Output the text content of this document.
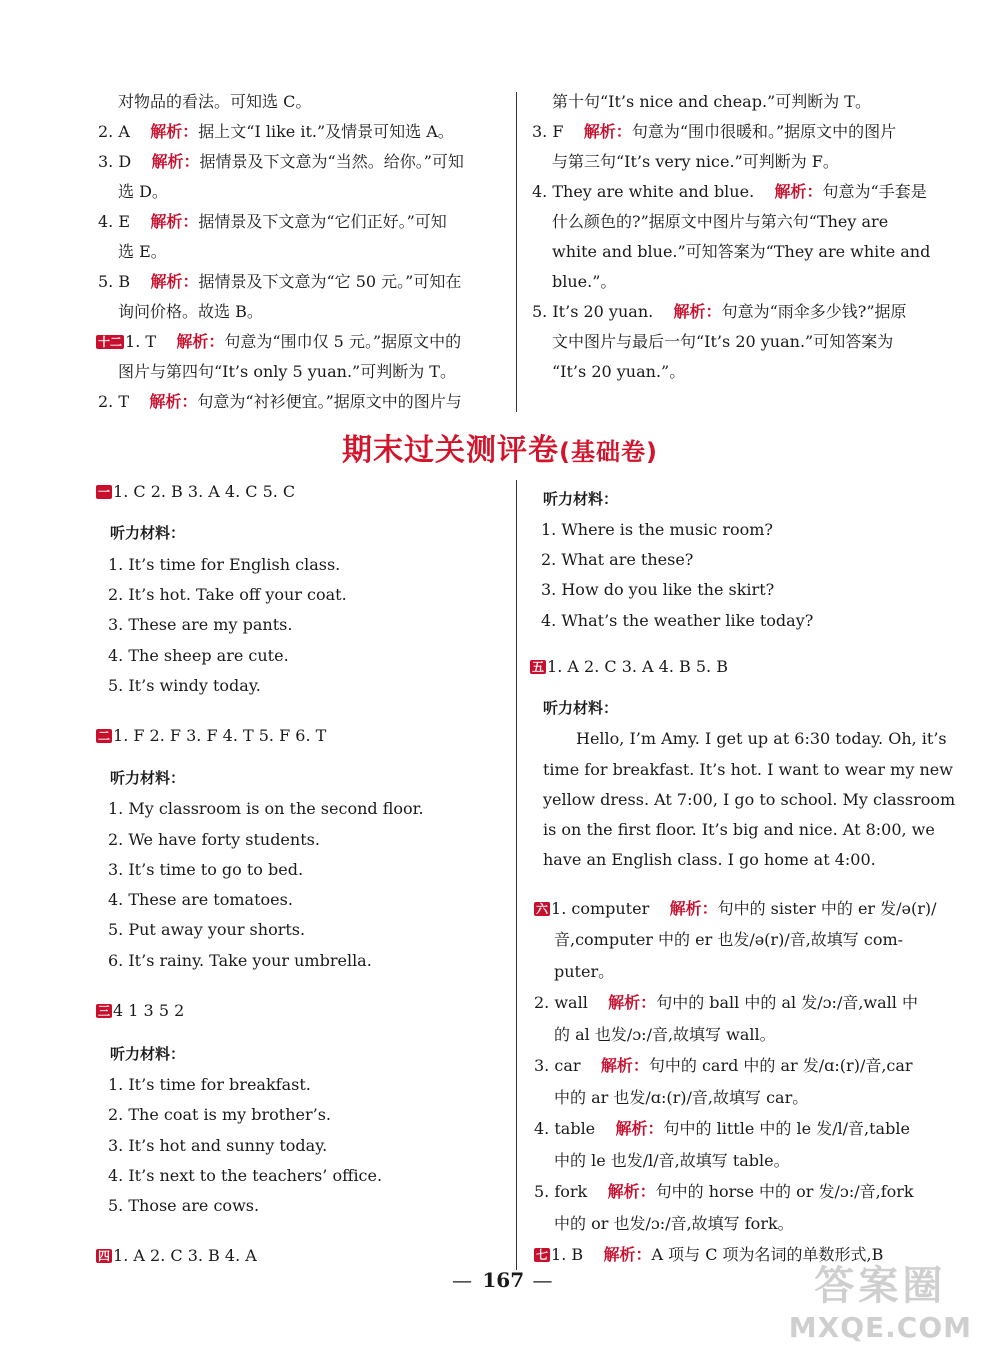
对物品的看法。可知选 C。
2. A 解析：据上文“I like it.”及情景可知选 A。
3. D 解析：据情景及下文意为“当然。给你。”可知
选 D。
4. E 解析：据情景及下文意为“它们正好。”可知
选 E。
5. B 解析：据情景及下文意为“它 50 元。”可知在
询问价格。故选 B。
十二 1. T 解析：句意为“围巾仅 5 元。”据原文中的
图片与第四句“It’s only 5 yuan.”可判断为 T。
2. T 解析：句意为“衬衫便宜。”据原文中的图片与
第十句“It’s nice and cheap.”可判断为 T。
3. F 解析：句意为“围巾很暖和。”据原文中的图片
与第三句“It’s very nice.”可判断为 F。
4. They are white and blue. 解析：句意为“手套是
什么颜色的?”据原文中图片与第六句“They are
white and blue.”可知答案为“They are white and
blue.”。
5. It’s 20 yuan. 解析：句意为“雨伞多少钱?”据原
文中图片与最后一句“It’s 20 yuan.”可知答案为
“It’s 20 yuan.”。
期末过关测评卷(基础卷)
一 1. C 2. B 3. A 4. C 5. C
听力材料：
1. It’s time for English class.
2. It’s hot. Take off your coat.
3. These are my pants.
4. The sheep are cute.
5. It’s windy today.
二 1. F 2. F 3. F 4. T 5. F 6. T
听力材料：
1. My classroom is on the second floor.
2. We have forty students.
3. It’s time to go to bed.
4. These are tomatoes.
5. Put away your shorts.
6. It’s rainy. Take your umbrella.
三 4 1 3 5 2
听力材料：
1. It’s time for breakfast.
2. The coat is my brother’s.
3. It’s hot and sunny today.
4. It’s next to the teachers’ office.
5. Those are cows.
四 1. A 2. C 3. B 4. A
听力材料：
1. Where is the music room?
2. What are these?
3. How do you like the skirt?
4. What’s the weather like today?
五 1. A 2. C 3. A 4. B 5. B
听力材料：
Hello, I’m Amy. I get up at 6:30 today. Oh, it’s
time for breakfast. It’s hot. I want to wear my new
yellow dress. At 7:00, I go to school. My classroom
is on the first floor. It’s big and nice. At 8:00, we
have an English class. I go home at 4:00.
六 1. computer 解析：句中的 sister 中的 er 发/ə(r)/
音,computer 中的 er 也发/ə(r)/音,故填写 com-
puter。
2. wall 解析：句中的 ball 中的 al 发/ɔ:/音,wall 中
的 al 也发/ɔ:/音,故填写 wall。
3. car 解析：句中的 card 中的 ar 发/ɑ:(r)/音,car
中的 ar 也发/ɑ:(r)/音,故填写 car。
4. table 解析：句中的 little 中的 le 发/l/音,table
中的 le 也发/l/音,故填写 table。
5. fork 解析：句中的 horse 中的 or 发/ɔ:/音,fork
中的 or 也发/ɔ:/音,故填写 fork。
七 1. B 解析：A 项与 C 项为名词的单数形式,B
— 167 —	答案圈
MXQE.COM
